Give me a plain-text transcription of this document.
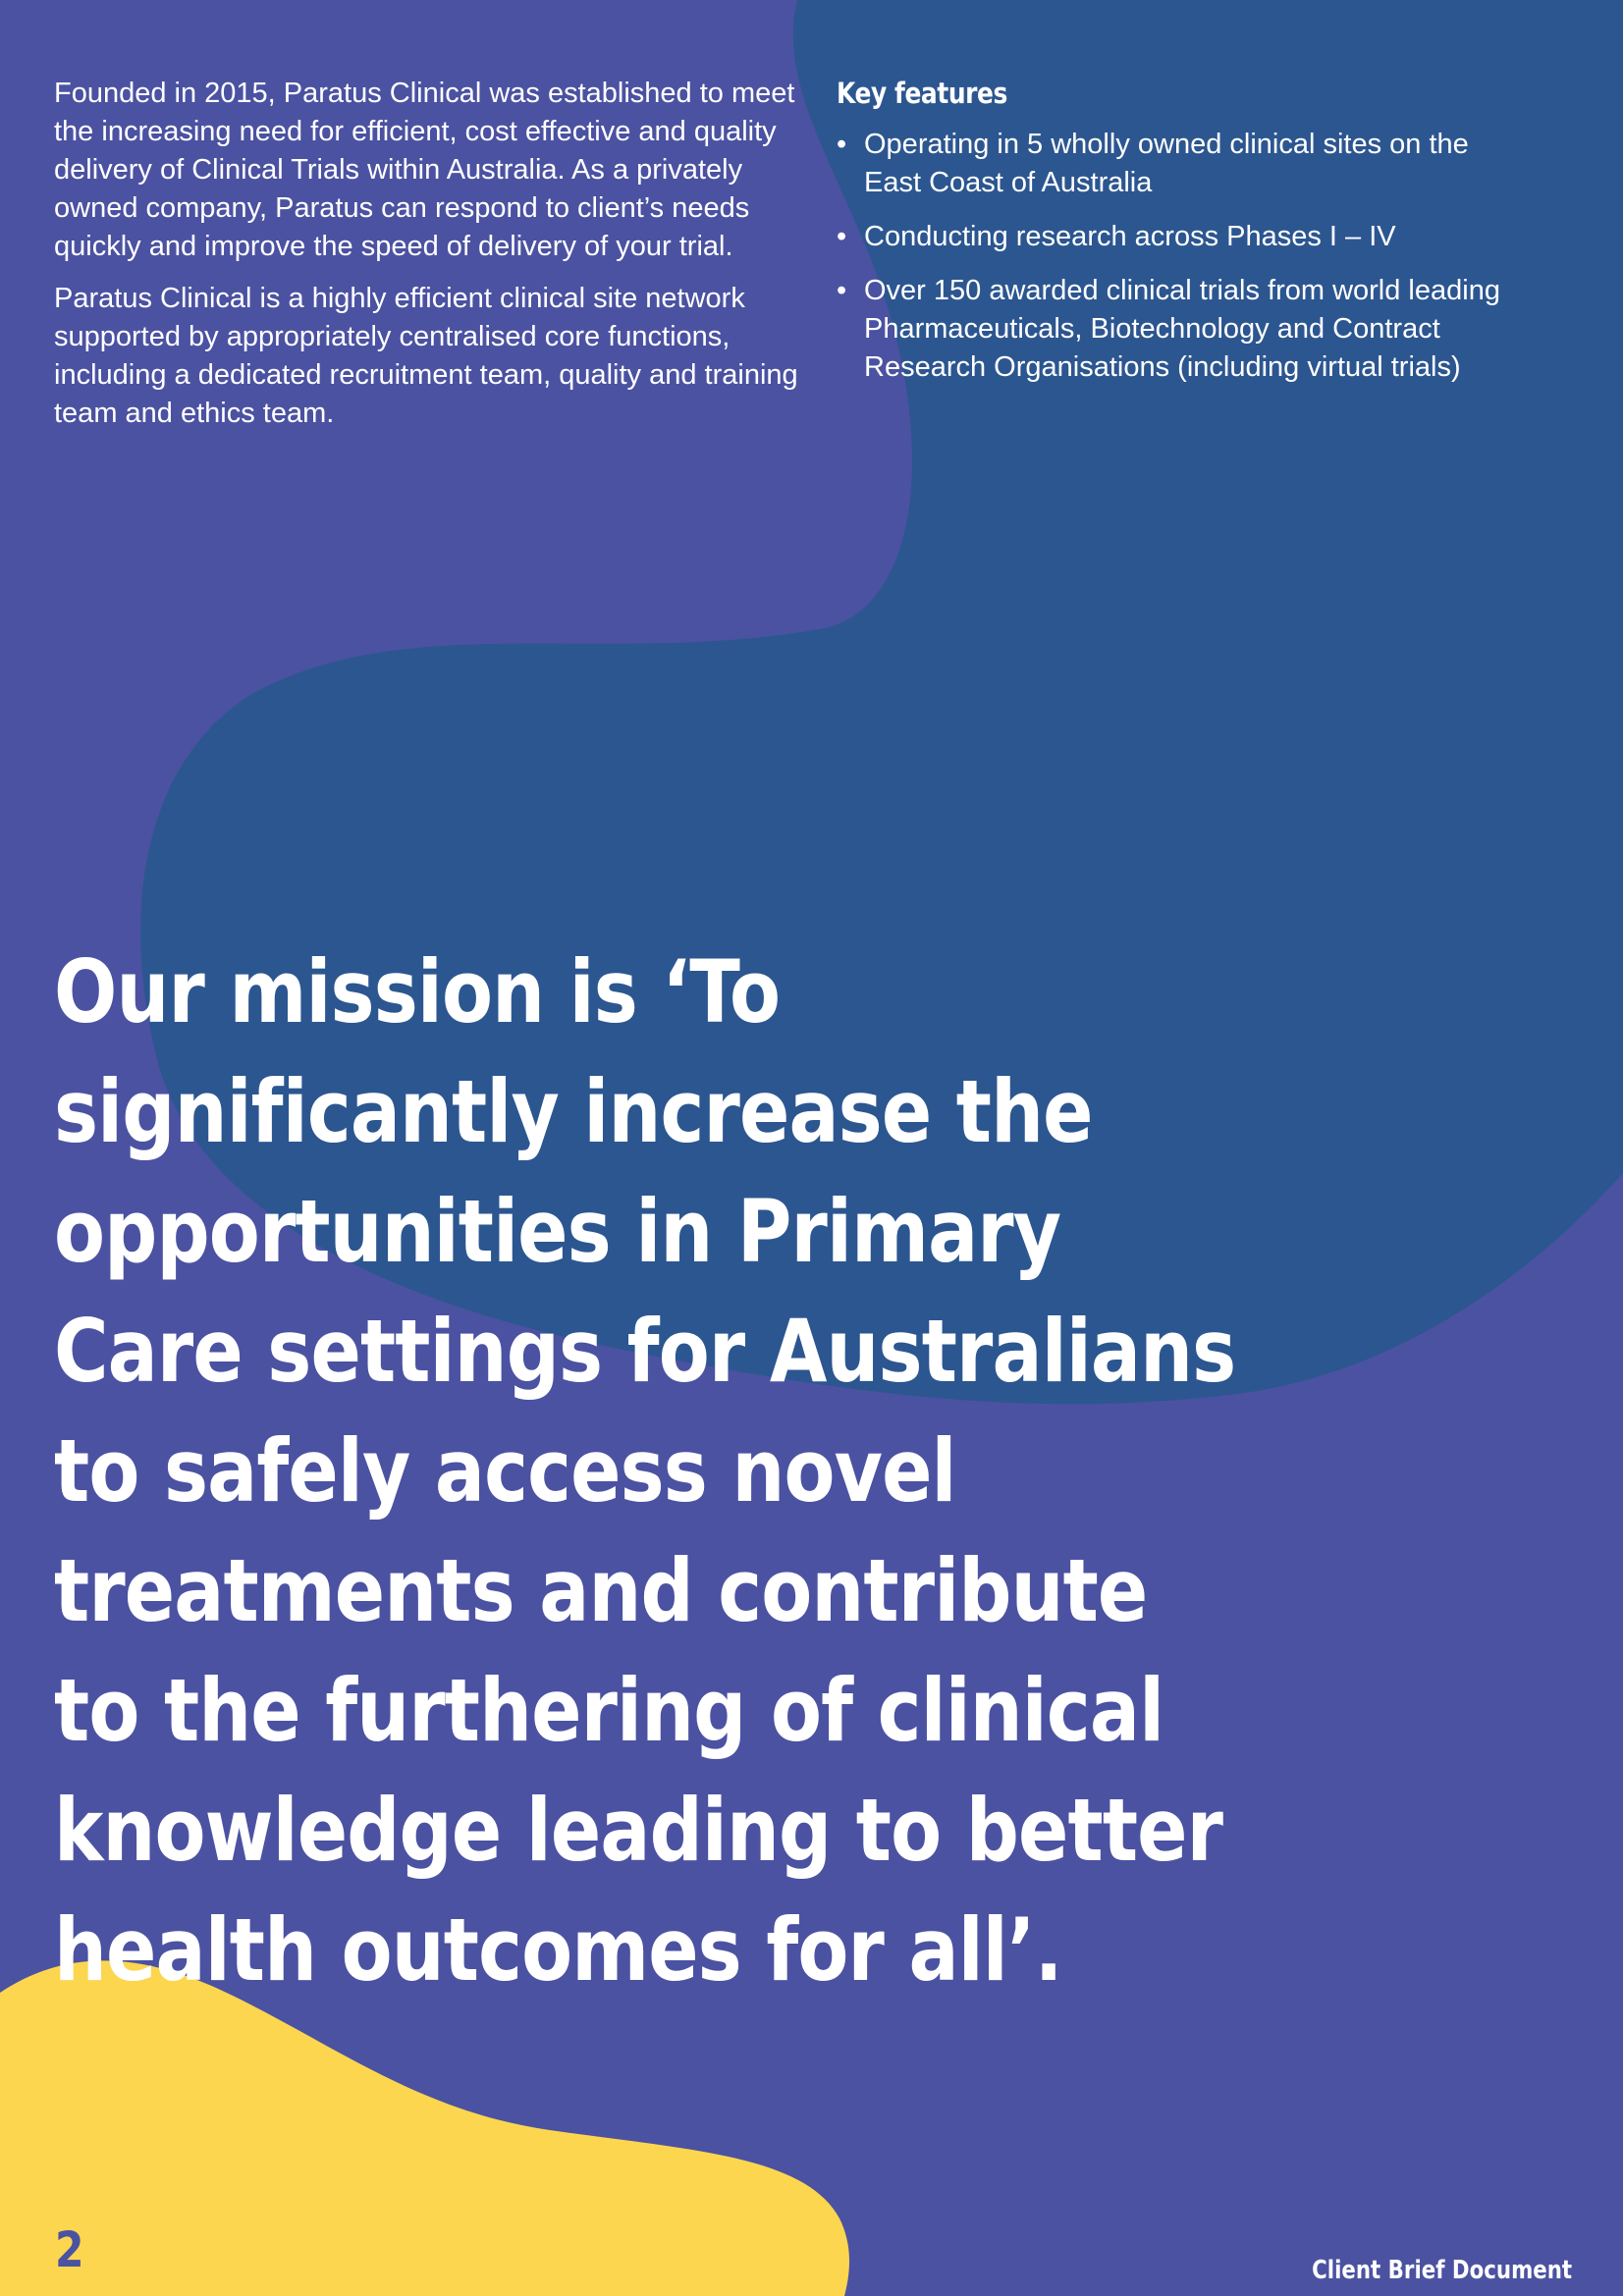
Founded in 2015, Paratus Clinical was established to meet the increasing need for efficient, cost effective and quality delivery of Clinical Trials within Australia. As a privately owned company, Paratus can respond to client’s needs quickly and improve the speed of delivery of your trial.

Paratus Clinical is a highly efficient clinical site network supported by appropriately centralised core functions, including a dedicated recruitment team, quality and training team and ethics team.

Key features
• Operating in 5 wholly owned clinical sites on the East Coast of Australia
• Conducting research across Phases I – IV
• Over 150 awarded clinical trials from world leading Pharmaceuticals, Biotechnology and Contract Research Organisations (including virtual trials)

Our mission is ‘To significantly increase the opportunities in Primary Care settings for Australians to safely access novel treatments and contribute to the furthering of clinical knowledge leading to better health outcomes for all’.

2	Client Brief Document
